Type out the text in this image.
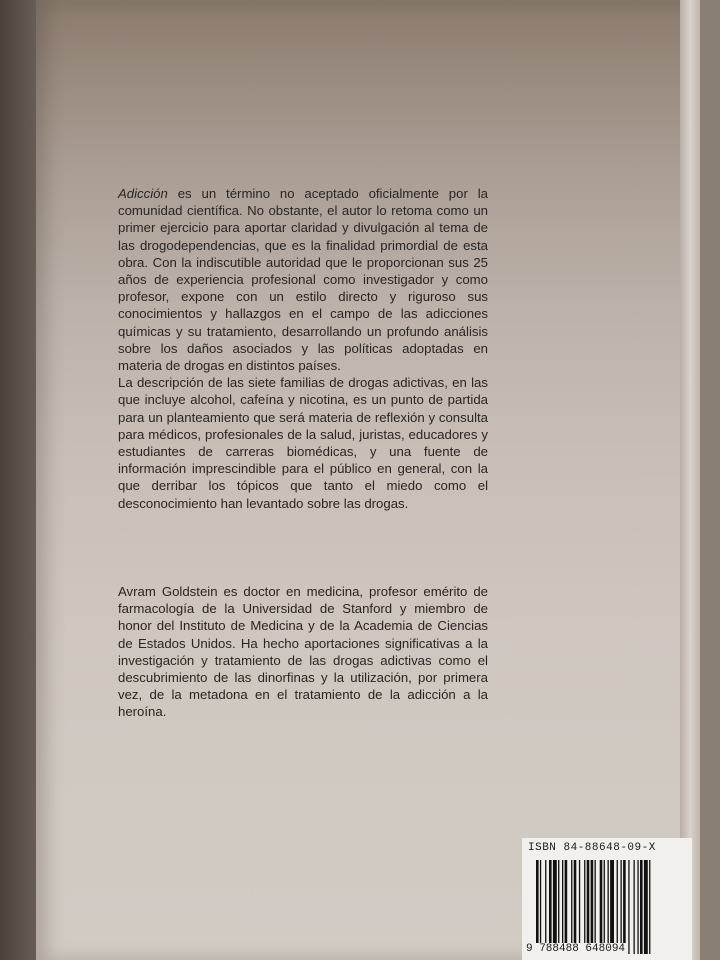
Adicción es un término no aceptado oficialmente por la comunidad científica. No obstante, el autor lo retoma como un primer ejercicio para aportar claridad y divulgación al tema de las drogodependencias, que es la finalidad primordial de esta obra. Con la indiscutible autoridad que le proporcionan sus 25 años de experiencia profesional como investigador y como profesor, expone con un estilo directo y riguroso sus conocimientos y hallazgos en el campo de las adicciones químicas y su tratamiento, desarrollando un profundo análisis sobre los daños asociados y las políticas adoptadas en materia de drogas en distintos países.

La descripción de las siete familias de drogas adictivas, en las que incluye alcohol, cafeína y nicotina, es un punto de partida para un planteamiento que será materia de reflexión y consulta para médicos, profesionales de la salud, juristas, educadores y estudiantes de carreras biomédicas, y una fuente de información imprescindible para el público en general, con la que derribar los tópicos que tanto el miedo como el desconocimiento han levantado sobre las drogas.

Avram Goldstein es doctor en medicina, profesor emérito de farmacología de la Universidad de Stanford y miembro de honor del Instituto de Medicina y de la Academia de Ciencias de Estados Unidos. Ha hecho aportaciones significativas a la investigación y tratamiento de las drogas adictivas como el descubrimiento de las dinorfinas y la utilización, por primera vez, de la metadona en el tratamiento de la adicción a la heroína.

ISBN 84-88648-09-X
9 788488 648094
